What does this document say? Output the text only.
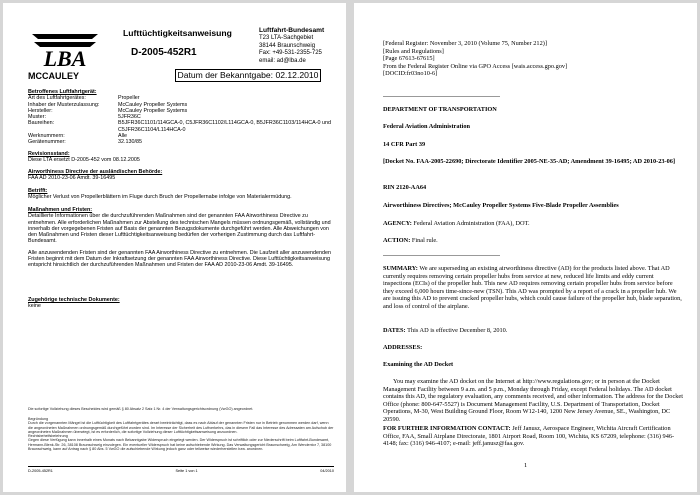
LBA
Lufttüchtigkeitsanweisung
D-2005-452R1
Luftfahrt-Bundesamt
T23 LTA-Sachgebiet
38144 Braunschweig
Fax: +49-531-2355-725
email: ad@lba.de
MCCAULEY	Datum der Bekanntgabe: 02.12.2010
Betroffenes Luftfahrtgerät:
Art des Luftfahrtgerätes:	Propeller
Inhaber der Musterzulassung:	McCauley Propeller Systems
Hersteller:	McCauley Propeller Systems
Muster:	5JFR36C
Baureihen:	B5JFR36C1101/114GCA-0, C5JFR36C1102/L114GCA-0, B5JFR36C1103/114HCA-0 und C5JFR36C1104/L114HCA-0
Werknummern:	Alle
Gerätenummer:	32.130/85
Revisionsstand:
Diese LTA ersetzt D-2005-452 vom 08.12.2005
Airworthiness Directive der ausländischen Behörde:
FAA AD 2010-23-06 Amdt. 39-16495
Betrifft:
Möglicher Verlust von Propellerblättern im Fluge durch Bruch der Propellernabe infolge von Materialermüdung.
Maßnahmen und Fristen:
Detaillierte Informationen über die durchzuführenden Maßnahmen sind der genannten FAA Airworthiness Directive zu entnehmen. Alle erforderlichen Maßnahmen zur Abstellung des technischen Mangels müssen ordnungsgemäß, vollständig und innerhalb der vorgegebenen Fristen auf Basis der genannten Bezugsdokumente durchgeführt werden. Alle Abweichungen von den Maßnahmen und Fristen dieser Lufttüchtigkeitsanweisung bedürfen der vorherigen Zustimmung durch das Luftfahrt-Bundesamt.
Alle anzuwendenden Fristen sind der genannten FAA Airworthiness Directive zu entnehmen. Die Laufzeit aller anzuwendenden Fristen beginnt mit dem Datum der Inkraftsetzung der genannten FAA Airworthiness Directive. Diese Lufttüchtigkeitsanweisung entspricht hinsichtlich der durchzuführenden Maßnahmen und Fristen der FAA AD 2010-23-06 Amdt. 39-16495.
Zugehörige technische Dokumente:
keine
Die sofortige Vollziehung dieses Bescheides wird gemäß § 80 Absatz 2 Satz 1 Nr. 4 der Verwaltungsgerichtsordnung (VwGO) angeordnet.
Begründung
Durch die vorgenannten Mängel ist die Lufttüchtigkeit des Luftfahrtgerätes derart beeinträchtigt, dass es nach Ablauf der genannten Fristen nur in Betrieb genommen werden darf, wenn die angeordneten Maßnahmen ordnungsgemäß durchgeführt worden sind. Im Interesse der Sicherheit des Luftverkehrs, das in diesem Fall das Interesse des Adressaten am Aufschub der angeordneten Maßnahmen überwiegt, ist es erforderlich, die sofortige Vollziehung dieser Lufttüchtigkeitsanweisung anzuordnen.
Rechtsbehelfsbelehrung
Gegen diese Verfügung kann innerhalb eines Monats nach Bekanntgabe Widerspruch eingelegt werden. Der Widerspruch ist schriftlich oder zur Niederschrift beim Luftfahrt-Bundesamt, Hermann-Blenk-Str. 26, 38108 Braunschweig einzulegen. Ein eventueller Widerspruch hat keine aufschiebende Wirkung. Das Verwaltungsgericht Braunschweig, Am Wendentor 7, 38100 Braunschweig, kann auf Antrag nach § 80 Abs. 5 VwGO die aufschiebende Wirkung jedoch ganz oder teilweise wiederherstellen bzw. anordnen.
D-2005-452R1	Seite 1 von 1	04/2010
[Federal Register: November 3, 2010 (Volume 75, Number 212)]
[Rules and Regulations]
[Page 67613-67615]
From the Federal Register Online via GPO Access [wais.access.gpo.gov]
[DOCID:fr03no10-6]
DEPARTMENT OF TRANSPORTATION
Federal Aviation Administration
14 CFR Part 39
[Docket No. FAA-2005-22690; Directorate Identifier 2005-NE-35-AD; Amendment 39-16495; AD 2010-23-06]
RIN 2120-AA64
Airworthiness Directives; McCauley Propeller Systems Five-Blade Propeller Assemblies
AGENCY: Federal Aviation Administration (FAA), DOT.
ACTION: Final rule.
SUMMARY: We are superseding an existing airworthiness directive (AD) for the products listed above. That AD currently requires removing certain propeller hubs from service at new, reduced life limits and eddy current inspections (ECIs) of the propeller hub. This new AD requires removing certain propeller hubs from service before they exceed 6,000 hours time-since-new (TSN). This AD was prompted by a report of a crack in a propeller hub. We are issuing this AD to prevent cracked propeller hubs, which could cause failure of the propeller hub, blade separation, and loss of control of the airplane.
DATES: This AD is effective December 8, 2010.
ADDRESSES:
Examining the AD Docket
You may examine the AD docket on the Internet at http://www.regulations.gov; or in person at the Docket Management Facility between 9 a.m. and 5 p.m., Monday through Friday, except Federal holidays. The AD docket contains this AD, the regulatory evaluation, any comments received, and other information. The address for the Docket Office (phone: 800-647-5527) is Document Management Facility, U.S. Department of Transportation, Docket Operations, M-30, West Building Ground Floor, Room W12-140, 1200 New Jersey Avenue, SE., Washington, DC 20590.
FOR FURTHER INFORMATION CONTACT: Jeff Janusz, Aerospace Engineer, Wichita Aircraft Certification Office, FAA, Small Airplane Directorate, 1801 Airport Road, Room 100, Wichita, KS 67209, telephone: (316) 946-4148; fax: (316) 946-4107; e-mail: jeff.janusz@faa.gov.
1
